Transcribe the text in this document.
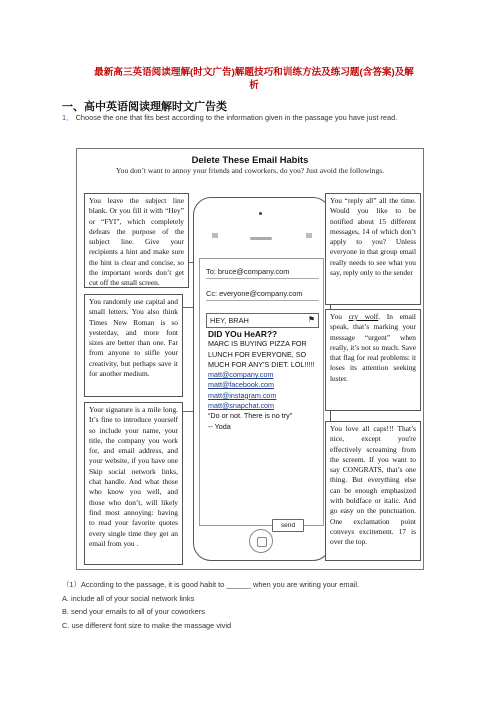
最新高三英语阅读理解(时文广告)解题技巧和训练方法及练习题(含答案)及解
析
一、高中英语阅读理解时文广告类
1． Choose the one that fits best according to the information given in the passage you have just read.
Delete These Email Habits
You don’t want to annoy your friends and coworkers, do you? Just avoid the followings.
To: bruce@company.com
Cc: everyone@company.com
HEY, BRAH	⚑
DID YOu HeAR??
MARC IS BUYING PIZZA FOR LUNCH FOR EVERYONE, SO MUCH FOR ANY'S DIET. LOL!!!!!
matt@company.com
matt@facebook.com
matt@instagram.com
matt@snapchat.com
“Do or not. There is no try”
-- Yoda
send
You leave the subject line blank. Or you fill it with “Hey” or “FYI”, which completely defeats the purpose of the subject line. Give your recipients a hint and make sure the hint is clear and concise, so the important words don’t get cut off the small screen.
You randomly use capital and small letters. You also think Times New Roman is so yesterday, and more font sizes are better than one. Far from anyone to stifle your creativity, but perhaps save it for another medium.
Your signature is a mile long. It’s fine to introduce yourself so include your name, your title, the company you work for, and email address, and your website, if you have one Skip social network links, chat handle. And what those who know you well, and those who don’t, will likely find most annoying: having to read your favorite quotes every single time they get an email from you .
You “reply all” all the time. Would you like to be notified about 15 different messages, 14 of which don’t apply to you? Unless everyone in that group email really needs to see what you say, reply only to the sender
You cry wolf. In email speak, that’s marking your message “urgent” when really, it’s not so much. Save that flag for real problems: it loses its attention seeking luster.
You love all caps!!! That’s nice, except you're effectively screaming from the screem. If you want to say CONGRATS, that’s one thing. But everything else can be enough emphasized with boldface or italic. And go easy on the punctuation. One exclamation point conveys excitement. 17 is over the top.
（1）According to the passage, it is good habit to ______ when you are writing your email.
A. include all of your social network links
B. send your emails to all of your coworkers
C. use different font size to make the massage vivid
